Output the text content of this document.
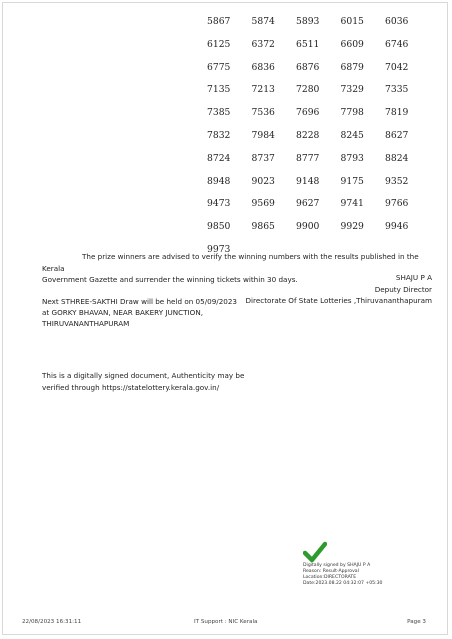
5867	5874	5893	6015	6036
6125	6372	6511	6609	6746
6775	6836	6876	6879	7042
7135	7213	7280	7329	7335
7385	7536	7696	7798	7819
7832	7984	8228	8245	8627
8724	8737	8777	8793	8824
8948	9023	9148	9175	9352
9473	9569	9627	9741	9766
9850	9865	9900	9929	9946
9973
The prize winners are advised to verify the winning numbers with the results published in the Kerala
Government Gazette and surrender the winning tickets within 30 days.	SHAJU P A
Deputy Director
Directorate Of State Lotteries ,Thiruvananthapuram
Next STHREE-SAKTHI Draw will be held on 05/09/2023
at GORKY BHAVAN, NEAR BAKERY JUNCTION,
THIRUVANANTHAPURAM
This is a digitally signed document, Authenticity may be
verified through https://statelottery.kerala.gov.in/
Digitally signed by SHAJU P A
Reason: Result-Approval
Location:DIRECTORATE
Date:2023.08.22 04:32:07 +05:30
22/08/2023 16:31:11	IT Support : NIC Kerala	Page 3
